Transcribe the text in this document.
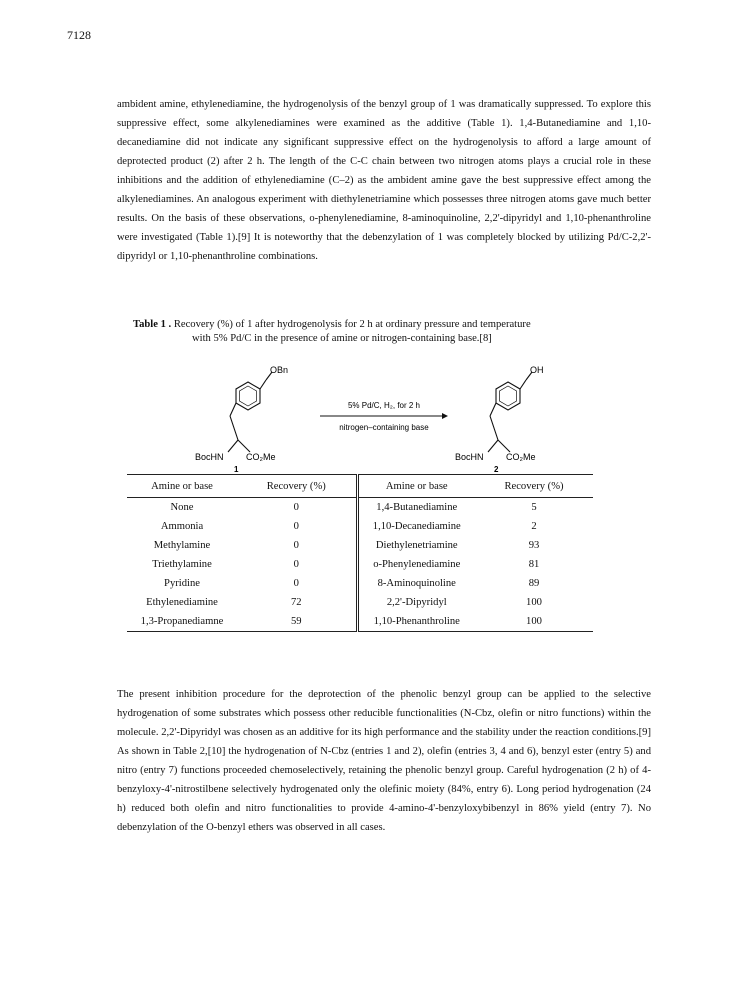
7128

ambident amine, ethylenediamine, the hydrogenolysis of the benzyl group of 1 was dramatically suppressed. To explore this suppressive effect, some alkylenediamines were examined as the additive (Table 1). 1,4-Butanediamine and 1,10-decanediamine did not indicate any significant suppressive effect on the hydrogenolysis to afford a large amount of deprotected product (2) after 2 h. The length of the C-C chain between two nitrogen atoms plays a crucial role in these inhibitions and the addition of ethylenediamine (C–2) as the ambident amine gave the best suppressive effect among the alkylenediamines. An analogous experiment with diethylenetriamine which possesses three nitrogen atoms gave much better results. On the basis of these observations, o-phenylenediamine, 8-aminoquinoline, 2,2'-dipyridyl and 1,10-phenanthroline were investigated (Table 1).[9] It is noteworthy that the debenzylation of 1 was completely blocked by utilizing Pd/C-2,2'-dipyridyl or 1,10-phenanthroline combinations.

Table 1 . Recovery (%) of 1 after hydrogenolysis for 2 h at ordinary pressure and temperature
with 5% Pd/C in the presence of amine or nitrogen-containing base.[8]
OBn
BocHN CO₂Me
1
5% Pd/C, H₂, for 2 h
nitrogen–containing base
OH
BocHN CO₂Me
2
Amine or base	Recovery (%)	Amine or base	Recovery (%)
None	0	1,4-Butanediamine	5
Ammonia	0	1,10-Decanediamine	2
Methylamine	0	Diethylenetriamine	93
Triethylamine	0	o-Phenylenediamine	81
Pyridine	0	8-Aminoquinoline	89
Ethylenediamine	72	2,2'-Dipyridyl	100
1,3-Propanediamne	59	1,10-Phenanthroline	100

The present inhibition procedure for the deprotection of the phenolic benzyl group can be applied to the selective hydrogenation of some substrates which possess other reducible functionalities (N-Cbz, olefin or nitro functions) within the molecule. 2,2'-Dipyridyl was chosen as an additive for its high performance and the stability under the reaction conditions.[9] As shown in Table 2,[10] the hydrogenation of N-Cbz (entries 1 and 2), olefin (entries 3, 4 and 6), benzyl ester (entry 5) and nitro (entry 7) functions proceeded chemoselectively, retaining the phenolic benzyl group. Careful hydrogenation (2 h) of 4-benzyloxy-4'-nitrostilbene selectively hydrogenated only the olefinic moiety (84%, entry 6). Long period hydrogenation (24 h) reduced both olefin and nitro functionalities to provide 4-amino-4'-benzyloxybibenzyl in 86% yield (entry 7). No debenzylation of the O-benzyl ethers was observed in all cases.
